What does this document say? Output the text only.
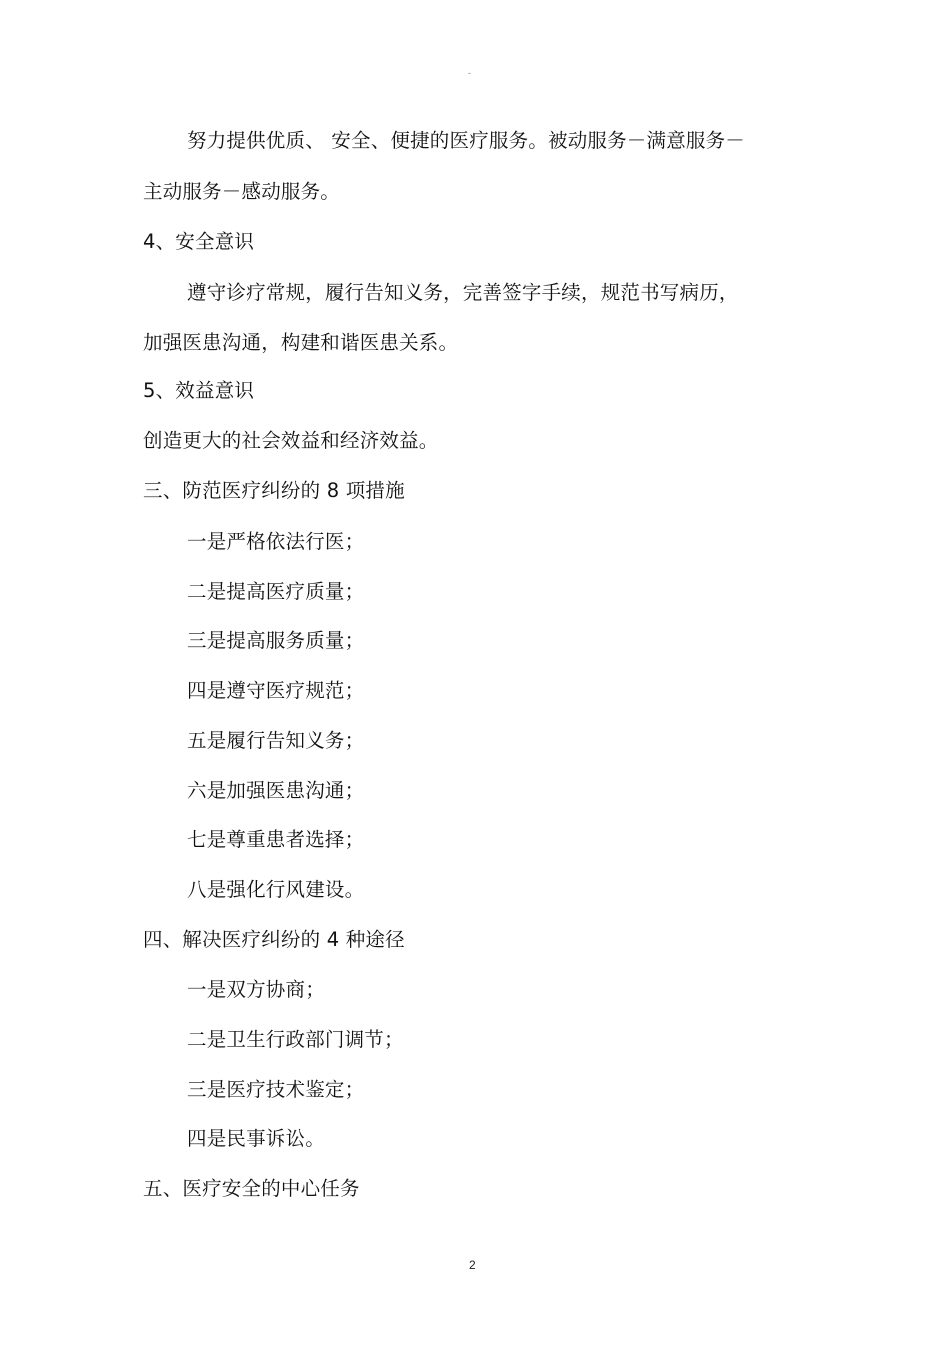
-
努力提供优质、 安全、便捷的医疗服务。被动服务－满意服务－
主动服务－感动服务。
4、安全意识
遵守诊疗常规，履行告知义务，完善签字手续，规范书写病历，
加强医患沟通，构建和谐医患关系。
5、效益意识
创造更大的社会效益和经济效益。
三、防范医疗纠纷的 8 项措施
一是严格依法行医；
二是提高医疗质量；
三是提高服务质量；
四是遵守医疗规范；
五是履行告知义务；
六是加强医患沟通；
七是尊重患者选择；
八是强化行风建设。
四、解决医疗纠纷的 4 种途径
一是双方协商；
二是卫生行政部门调节；
三是医疗技术鉴定；
四是民事诉讼。
五、医疗安全的中心任务
2
